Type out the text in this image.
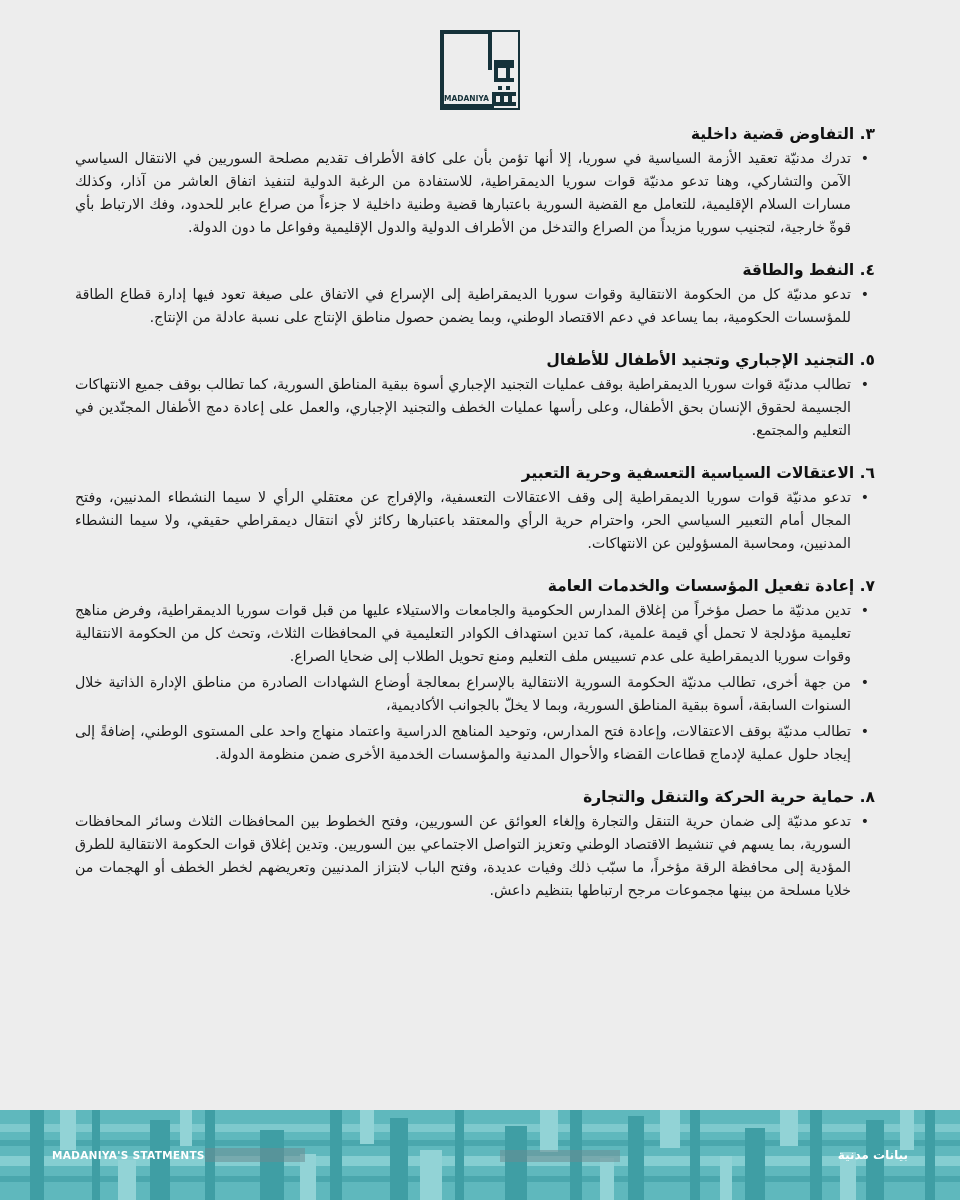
MADANIYA
٣. التفاوض قضية داخلية
• تدرك مدنيّة تعقيد الأزمة السياسية في سوريا، إلا أنها تؤمن بأن على كافة الأطراف تقديم مصلحة السوريين في الانتقال السياسي الآمن والتشاركي، وهنا تدعو مدنيّة قوات سوريا الديمقراطية، للاستفادة من الرغبة الدولية لتنفيذ اتفاق العاشر من آذار، وكذلك مسارات السلام الإقليمية، للتعامل مع القضية السورية باعتبارها قضية وطنية داخلية لا جزءاً من صراع عابر للحدود، وفك الارتباط بأي قوةّ خارجية، لتجنيب سوريا مزيداً من الصراع والتدخل من الأطراف الدولية والدول الإقليمية وفواعل ما دون الدولة.
٤. النفط والطاقة
• تدعو مدنيّة كل من الحكومة الانتقالية وقوات سوريا الديمقراطية إلى الإسراع في الاتفاق على صيغة تعود فيها إدارة قطاع الطاقة للمؤسسات الحكومية، بما يساعد في دعم الاقتصاد الوطني، وبما يضمن حصول مناطق الإنتاج على نسبة عادلة من الإنتاج.
٥. التجنيد الإجباري وتجنيد الأطفال للأطفال
• تطالب مدنيّة قوات سوريا الديمقراطية بوقف عمليات التجنيد الإجباري أسوة ببقية المناطق السورية، كما تطالب بوقف جميع الانتهاكات الجسيمة لحقوق الإنسان بحق الأطفال، وعلى رأسها عمليات الخطف والتجنيد الإجباري، والعمل على إعادة دمج الأطفال المجنّدين في التعليم والمجتمع.
٦. الاعتقالات السياسية التعسفية وحرية التعبير
• تدعو مدنيّة قوات سوريا الديمقراطية إلى وقف الاعتقالات التعسفية، والإفراج عن معتقلي الرأي لا سيما النشطاء المدنيين، وفتح المجال أمام التعبير السياسي الحر، واحترام حرية الرأي والمعتقد باعتبارها ركائز لأي انتقال ديمقراطي حقيقي، ولا سيما النشطاء المدنيين، ومحاسبة المسؤولين عن الانتهاكات.
٧. إعادة تفعيل المؤسسات والخدمات العامة
• تدين مدنيّة ما حصل مؤخراً من إغلاق المدارس الحكومية والجامعات والاستيلاء عليها من قبل قوات سوريا الديمقراطية، وفرض مناهج تعليمية مؤدلجة لا تحمل أي قيمة علمية، كما تدين استهداف الكوادر التعليمية في المحافظات الثلاث، وتحث كل من الحكومة الانتقالية وقوات سوريا الديمقراطية على عدم تسييس ملف التعليم ومنع تحويل الطلاب إلى ضحايا الصراع.
• من جهة أخرى، تطالب مدنيّة الحكومة السورية الانتقالية بالإسراع بمعالجة أوضاع الشهادات الصادرة من مناطق الإدارة الذاتية خلال السنوات السابقة، أسوة ببقية المناطق السورية، وبما لا يخلّ بالجوانب الأكاديمية،
• تطالب مدنيّة بوقف الاعتقالات، وإعادة فتح المدارس، وتوحيد المناهج الدراسية واعتماد منهاج واحد على المستوى الوطني، إضافةً إلى إيجاد حلول عملية لإدماج قطاعات القضاء والأحوال المدنية والمؤسسات الخدمية الأخرى ضمن منظومة الدولة.
٨. حماية حرية الحركة والتنقل والتجارة
• تدعو مدنيّة إلى ضمان حرية التنقل والتجارة وإلغاء العوائق عن السوريين، وفتح الخطوط بين المحافظات الثلاث وسائر المحافظات السورية، بما يسهم في تنشيط الاقتصاد الوطني وتعزيز التواصل الاجتماعي بين السوريين. وتدين إغلاق قوات الحكومة الانتقالية للطرق المؤدية إلى محافظة الرقة مؤخراً، ما سبّب ذلك وفيات عديدة، وفتح الباب لابتزاز المدنيين وتعريضهم لخطر الخطف أو الهجمات من خلايا مسلحة من بينها مجموعات مرجح ارتباطها بتنظيم داعش.
MADANIYA'S STATMENTS	بيانات مدنية
